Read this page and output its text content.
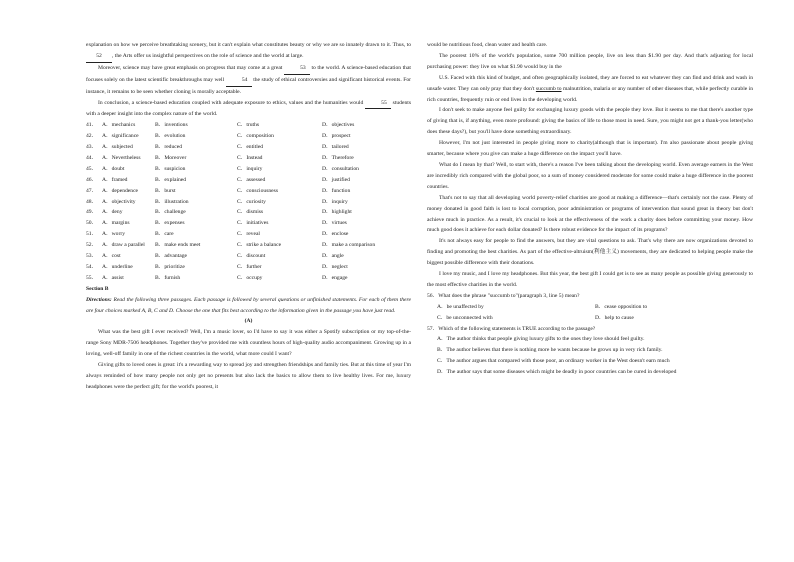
explanation on how we perceive breathtaking scenery, but it can't explain what constitutes beauty or why we are so innately drawn to it. Thus, to 52 , the Arts offer us insightful perspectives on the role of science and the world at large.

Moreover, science may have great emphasis on progress that may come at a great	53 to the world. A science-based education that focuses solely on the latest scientific breakthroughs may well	54 the study of ethical controversies and significant historical events. For instance, it remains to be seen whether cloning is morally acceptable.

In conclusion, a science-based education coupled with adequate exposure to ethics, values and the humanities would	55 students with a deeper insight into the complex nature of the world.

41． A．mechanics	B．inventions	C．truths	D．objectives
42． A．significance	B．evolution	C．composition	D．prospect
43． A．subjected	B．reduced	C．entitled	D．tailored
44． A．Nevertheless	B．Moreover	C．Instead	D．Therefore
45． A．doubt	B．suspicion	C．inquiry	D．consultation
46． A．framed	B．explained	C．assessed	D．justified
47． A．dependence	B．burst	C．consciousness	D．function
48． A．objectivity	B．illustration	C．curiosity	D．inquiry
49． A．deny	B．challenge	C．dismiss	D．highlight
50． A．margins	B．expenses	C．initiatives	D．virtues
51． A．worry	B．care	C．reveal	D．enclose
52． A．draw a parallel	B．make ends meet	C．strike a balance	D．make a comparison
53． A．cost	B．advantage	C．discount	D．angle
54． A．underline	B．prioritize	C．further	D．neglect
55． A．assist	B．furnish	C．occupy	D．engage

Section B

Directions: Read the following three passages. Each passage is followed by several questions or unfinished statements. For each of them there are four choices marked A, B, C and D. Choose the one that fits best according to the information given in the passage you have just read.

(A)

What was the best gift I ever received? Well, I'm a music lover, so I'd have to say it was either a Spotify subscription or my top-of-the-range Sony MDR-7506 headphones. Together they've provided me with countless hours of high-quality audio accompaniment. Growing up in a loving, well-off family in one of the richest countries in the world, what more could I want?

Giving gifts to loved ones is great: it's a rewarding way to spread joy and strengthen friendships and family ties. But at this time of year I'm always reminded of how many people not only get no presents but also lack the basics to allow them to live healthy lives. For me, luxury headphones were the perfect gift; for the world's poorest, it

would be nutritious food, clean water and health care.

The poorest 10% of the world's population, some 700 million people, live on less than $1.90 per day. And that's adjusting for local purchasing power: they live on what $1.90 would buy in the

U.S. Faced with this kind of budget, and often geographically isolated, they are forced to eat whatever they can find and drink and wash in unsafe water. They can only pray that they don't succumb to malnutrition, malaria or any number of other diseases that, while perfectly curable in rich countries, frequently ruin or end lives in the developing world.

I don't seek to make anyone feel guilty for exchanging luxury goods with the people they love. But it seems to me that there's another type of giving that is, if anything, even more profound: giving the basics of life to those most in need. Sure, you might not get a thank-you letter(who does these days?), but you'll have done something extraordinary.

However, I'm not just interested in people giving more to charity(although that is important). I'm also passionate about people giving smarter, because where you give can make a huge difference on the impact you'll have.

What do I mean by that? Well, to start with, there's a reason I've been talking about the developing world. Even average earners in the West are incredibly rich compared with the global poor, so a sum of money considered moderate for some could make a huge difference in the poorest countries.

That's not to say that all developing world poverty-relief charities are good at making a difference—that's certainly not the case. Plenty of money donated in good faith is lost to local corruption, poor administration or programs of intervention that sound great in theory but don't achieve much in practice. As a result, it's crucial to look at the effectiveness of the work a charity does before committing your money. How much good does it achieve for each dollar donated? Is there robust evidence for the impact of its programs?

It's not always easy for people to find the answers, but they are vital questions to ask. That's why there are now organizations devoted to finding and promoting the best charities. As part of the effective-altruism(利他主义) movements, they are dedicated to helping people make the biggest possible difference with their donations.

I love my music, and I love my headphones. But this year, the best gift I could get is to see as many people as possible giving generously to the most effective charities in the world.

56．What does the phrase "succumb to"(paragraph 3, line 5) mean?

A．be unaffected by	B．cease opposition to
C．be unconnected with	D．help to cause

57．Which of the following statements is TRUE according to the passage?

A．The author thinks that people giving luxury gifts to the ones they love should feel guilty.
B．The author believes that there is nothing more he wants because he grows up in very rich family.
C．The author argues that compared with those poor, an ordinary worker in the West doesn't earn much
D．The author says that some diseases which might be deadly in poor countries can be cured in developed
